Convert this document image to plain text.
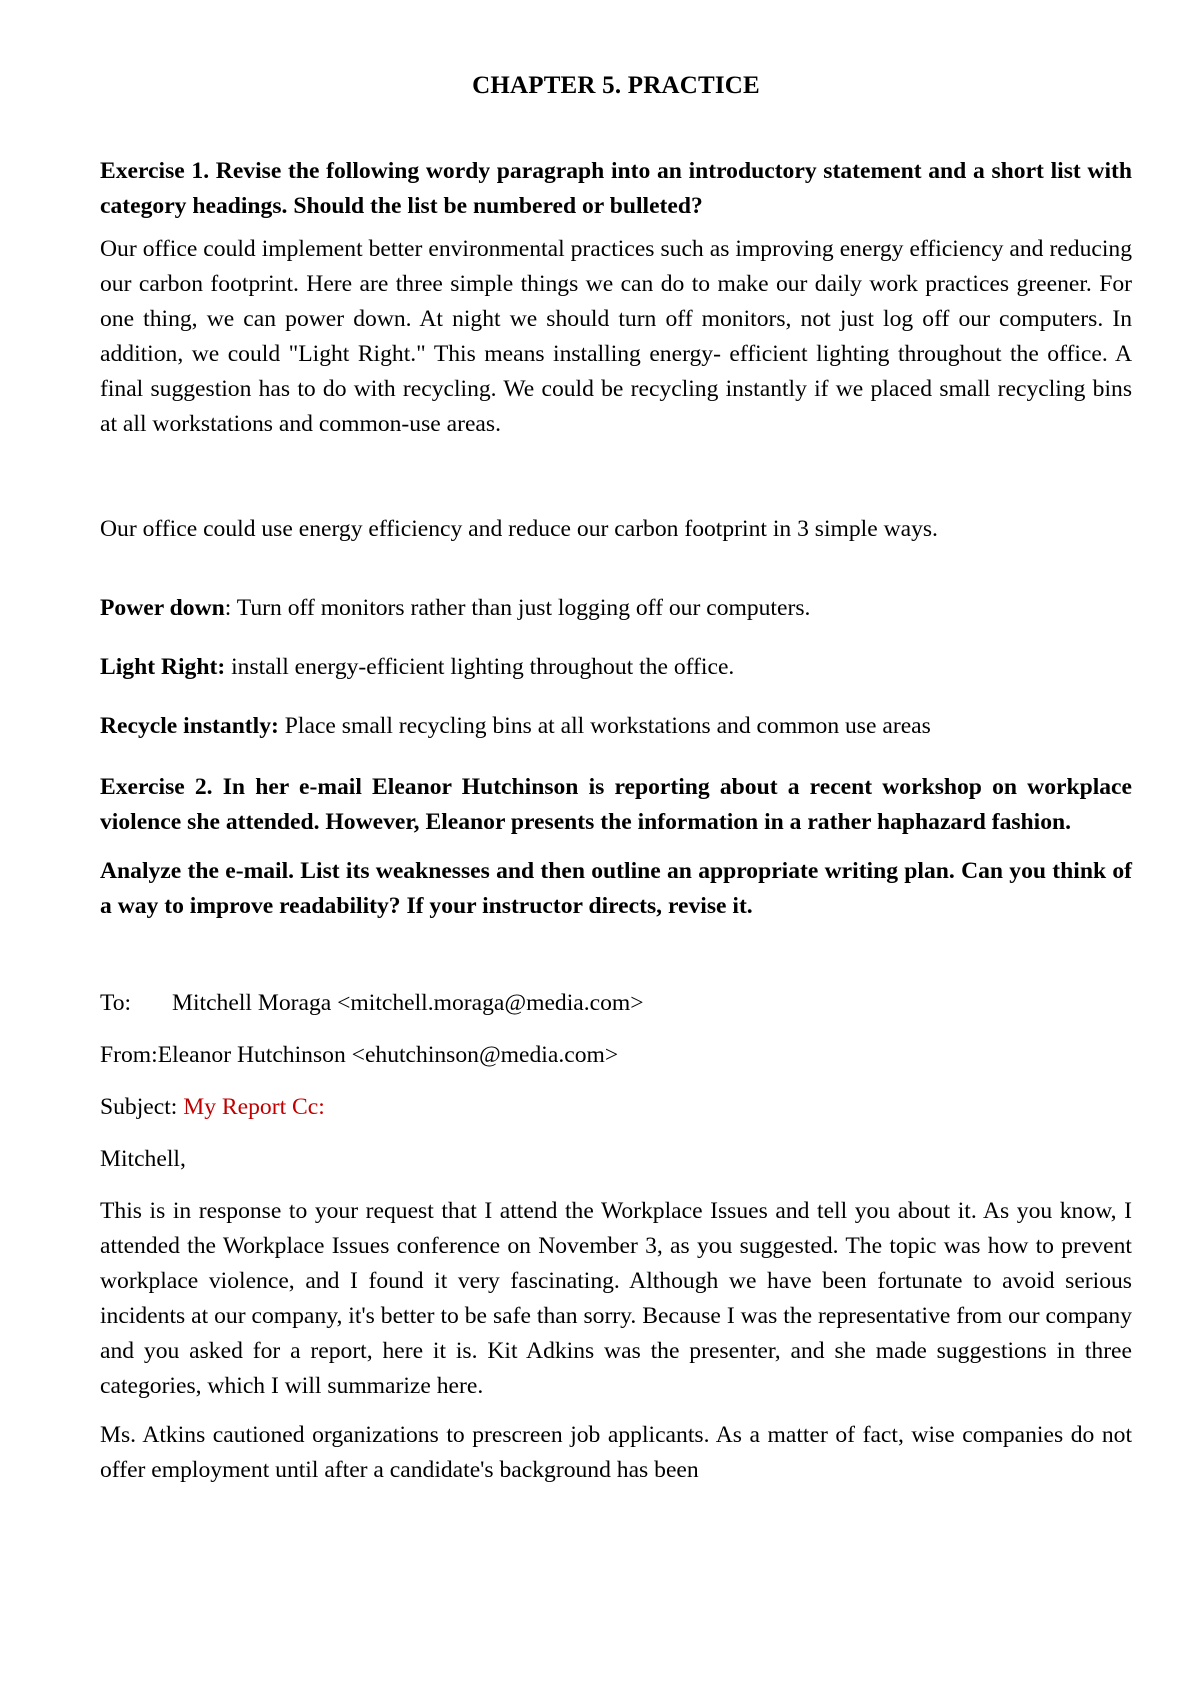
CHAPTER 5. PRACTICE

Exercise 1. Revise the following wordy paragraph into an introductory statement and a short list with category headings. Should the list be numbered or bulleted?

Our office could implement better environmental practices such as improving energy efficiency and reducing our carbon footprint. Here are three simple things we can do to make our daily work practices greener. For one thing, we can power down. At night we should turn off monitors, not just log off our computers. In addition, we could "Light Right." This means installing energy- efficient lighting throughout the office. A final suggestion has to do with recycling. We could be recycling instantly if we placed small recycling bins at all workstations and common-use areas.

Our office could use energy efficiency and reduce our carbon footprint in 3 simple ways.

Power down: Turn off monitors rather than just logging off our computers.

Light Right: install energy-efficient lighting throughout the office.

Recycle instantly: Place small recycling bins at all workstations and common use areas

Exercise 2. In her e-mail Eleanor Hutchinson is reporting about a recent workshop on workplace violence she attended. However, Eleanor presents the information in a rather haphazard fashion.

Analyze the e-mail. List its weaknesses and then outline an appropriate writing plan. Can you think of a way to improve readability? If your instructor directs, revise it.

To: Mitchell Moraga <mitchell.moraga@media.com>

From:Eleanor Hutchinson <ehutchinson@media.com>

Subject: My Report Cc:

Mitchell,

This is in response to your request that I attend the Workplace Issues and tell you about it. As you know, I attended the Workplace Issues conference on November 3, as you suggested. The topic was how to prevent workplace violence, and I found it very fascinating. Although we have been fortunate to avoid serious incidents at our company, it's better to be safe than sorry. Because I was the representative from our company and you asked for a report, here it is. Kit Adkins was the presenter, and she made suggestions in three categories, which I will summarize here.

Ms. Atkins cautioned organizations to prescreen job applicants. As a matter of fact, wise companies do not offer employment until after a candidate's background has been
